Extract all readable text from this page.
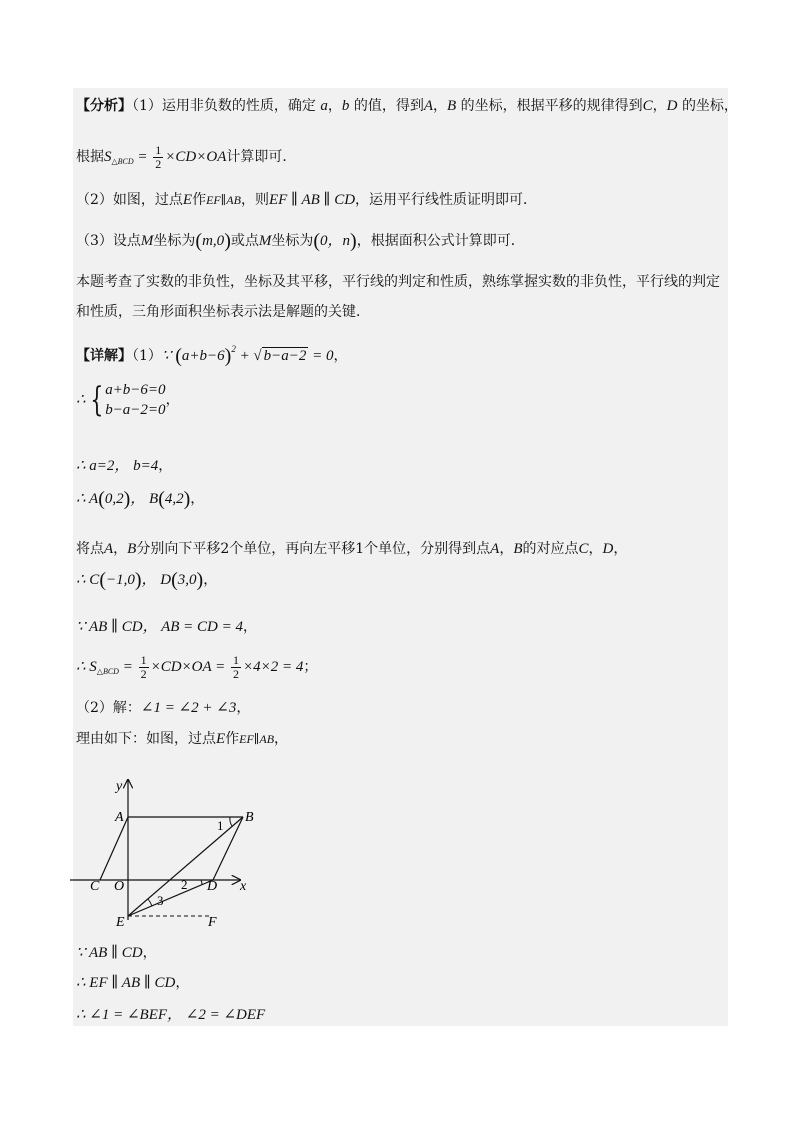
【分析】（1）运用非负数的性质，确定 a，b 的值，得到A，B 的坐标，根据平移的规律得到C，D 的坐标，
根据$S_{\triangle BCD} = \frac{1}{2} \times CD\times OA$计算即可．
（2）如图，过点E作EF∥AB，则EF ∥ AB ∥ CD，运用平行线性质证明即可．
（3）设点M坐标为(m,0)或点M坐标为(0，n)，根据面积公式计算即可．
本题考查了实数的非负性，坐标及其平移，平行线的判定和性质，熟练掌握实数的非负性，平行线的判定
和性质，三角形面积坐标表示法是解题的关键．
【详解】（1）∵ $(a+b-6)^2$ + √ b−a−2 = 0，
∴ { a+b−6=0
b−a−2=0
，
∴ a=2， b=4，
∴ A(0,2)， B(4,2)，
将点A，B分别向下平移2个单位，再向左平移1个单位，分别得到点A，B的对应点C，D，
∴ C(−1,0)， D(3,0)，
∵ AB ∥ CD， AB = CD = 4，
∴ $S_{\triangle BCD} = \frac{1}{2} \times CD\times OA = \frac{1}{2} \times 4\times 2 = 4$；
（2）解：∠1 = ∠2 + ∠3，
理由如下：如图，过点E作EF∥AB，
y
x
A	B
C O	D
E	F
1
2
3
∵ AB ∥ CD，
∴ EF ∥ AB ∥ CD，
∴ ∠1 = ∠BEF， ∠2 = ∠DEF
